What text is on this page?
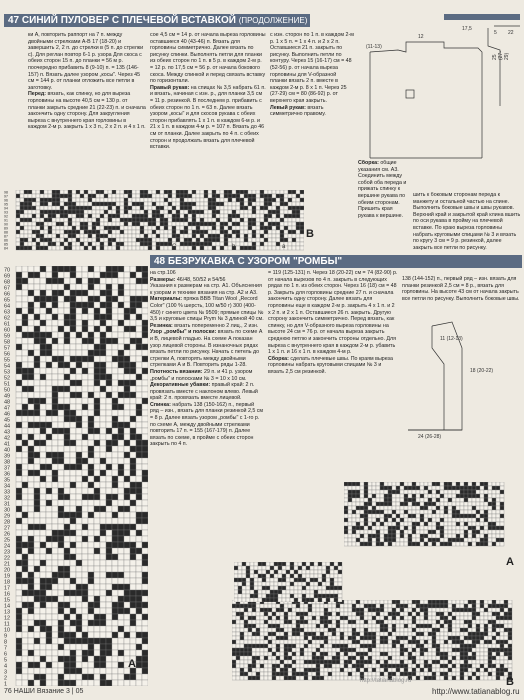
47 СИНИЙ ПУЛОВЕР С ПЛЕЧЕВОЙ ВСТАВКОЙ (ПРОДОЛЖЕНИЕ)
ки А, повторить раппорт на 7 п. между двойными стрелками А-В 17 (18-20) и завершить 2, 2 п. до стрелки в (5 п. до стрелки с). Для реглан повтор 6-1 р. узора Для скоса с обеих сторон 15 п. до планки = 56 м р. поочередно прибавить 8 (9-10) п. = 135 (146-157) п. Вязать далее узором „косы". Через 45 см = 144 р. от планки отложить все петли в заготовку.
Перед: вязать, как спинку, но для выреза горловины на высоте 40,5 см = 130 р. от планки закрыть средние 21 (22-23) п. и сначала закончить одну сторону. Для закругления выреза с внутреннего края горловины в каждом 2-м р. закрыть 1 х 3 п., 2 х 2 п. и 4 х 1 п.
сое 4,5 см = 14 р. от начала выреза горловины оставшиеся 40 (43-46) п. Вязать для горловины симметрично. Далее вязать по рисунку спинки. Выполнять петли для планки из обеих сторон по 1 п. в 5 р. в каждом 2-м р. = 12 р. по 17,5 см = 56 р. от начала бокового скоса. Между спинкой и перед связать вставку по горизонтали.
Правый рукав: на спицах № 3,5 набрать 61 п. и вязать, начиная с изн. р., для планки 3,5 см = 11 р. резинкой. В последнем р. прибавить с обеих сторон по 1 п. = 63 п. Далее вязать узором „косы" и для скосов рукава с обеих сторон прибавлять 1 х 1 п. в каждом 6-м р. и 21 х 1 п. в каждом 4-м р. = 107 п. Вязать до 46 см от планки. Далее закрыть по 4 п. с обеих сторон и продолжать вязать для плечевой вставки.
с изн. сторон по 1 п. в каждом 2-м р. 1 х 5 п. = 1 х 4 п. и 2 х 2 п. Оставшиеся 21 п. закрыть по рисунку. Выполнить петли по контуру. Через 15 (16-17) см = 48 (52-56) р. от начала выреза горловины для V-образной планки вязать 2 п. вместе в каждом 2-м р. 8 х 1 п. Через 25 (27-29) см = 80 (86-92) р. от верхнего края закрыть.
Левый рукав: вязать симметрично правому.
Сборка: общие указания см. А3. Соединить между собой оба переда и прижать спинку к вершине рукава по обеим сторонам. Пришить края рукава к вершине.
шить к боковым сторонам переда к манжету и остальной частью на спине. Выполнить боковые швы и швы рукавов. Верхний край и закрытой край клина вшить по оси рукава в пройму на плечевой вставке. По краю выреза горловины набрать круговыми спицами № 3 и вязать по кругу 3 см = 9 р. резинкой, далее закрыть все петли по рисунку.
17,5
5 22
(11-13)
12
25 (27-29)
98
97
96
95
94
93
92
91
90
89
88
87
86
85
84
B
C	b	a
48 БЕЗРУКАВКА С УЗОРОМ "РОМБЫ"
70
69
68
67
66
65
64
63
62
61
60
59
58
57
56
55
54
53
52
51
50
49
48
47
46
45
44
43
42
41
40
39
38
37
36
35
34
33
32
31
30
29
28
27
26
25
24
23
22
21
20
19
18
17
16
15
14
13
12
11
10
9
8
7
6
5
4
3
2
1
A
на стр.106
Размеры: 46/48, 50/52 и 54/56
Указания к размерам на стр. А1. Объяснения к узорам и технике вязания на стр. А2 и А3.
Материалы: пряжа ВВВ Titan Wool „Record Color" (100 % шерсть, 100 м/50 г) 300 (400-450) г синего цвета № 9509; прямые спицы № 3,5 и круговые спицы Prym № 3 длиной 40 см.
Резинка: вязать попеременно 2 лиц., 2 изн.
Узор „ромбы" и полоски: вязать по схеме А и В, лицевой гладью. На схеме А показан узор лицевой стороны. В изнаночных рядах вязать петли по рисунку. Начать с петель до стрелки А, повторять между двойными стрелками А и В. Повторить ряды 1-28.
Плотность вязания: 29 п. и 41 р. узором „ромбы" и полосками № 3 = 10 х 10 см.
Декоративные убавки: правый край: 2 п. провязать вместе с наклоном влево. Левый край: 2 п. провязать вместе лицевой.
Спинка: набрать 138 (150-162) п., первый ряд – изн., вязать для планки резинкой 2,5 см = 8 р. Далее вязать узором „ромбы" с 1-го р. по схеме А, между двойными стрелками повторить 17 п. = 155 (167-179) п. Далее вязать по схеме, в пройме с обеих сторон закрыть по 4 п.
= 119 (125-131) п. Через 18 (20-22) см = 74 (82-90) р. от начала вырезов по 4 п. закрыть в следующих рядах по 1 п. из обеих сторон. Через 16 (18) см = 48 р. Закрыть для горловины средние 27 п. и сначала закончить одну сторону. Далее вязать для горловины еще в каждом 2-м р. закрыть 4 х 1 п. и 2 х 2 п. и 2 х 1 п. Оставшиеся 26 п. закрыть. Другую сторону закончить симметрично. Перед вязать, как спинку, но для V-образного выреза горловины на высоте 24 см = 76 р. от начала выреза закрыть среднюю петлю и закончить стороны отдельно. Для выреза с внутреннего края в каждом 2-м р. убавить 1 х 1 п. и 16 х 1 п. в каждом 4-м р.
Сборка: сделать плечевые швы. По краям выреза горловины набрать круговыми спицами № 3 и вязать 2,5 см резинкой.
138 (144-152) п., первый ряд – изн. вязать для планки резинкой 2,5 см = 8 р., вязать для горловины. На высоте 43 см от начала закрыть все петли по рисунку. Выполнить боковые швы.
11 (12-13)
24 (26-28)
18 (20-22)
A
B
76 НАШИ Вязание 3 | 05	http://www.tatianablog.ru
http://tatianablog.ru
